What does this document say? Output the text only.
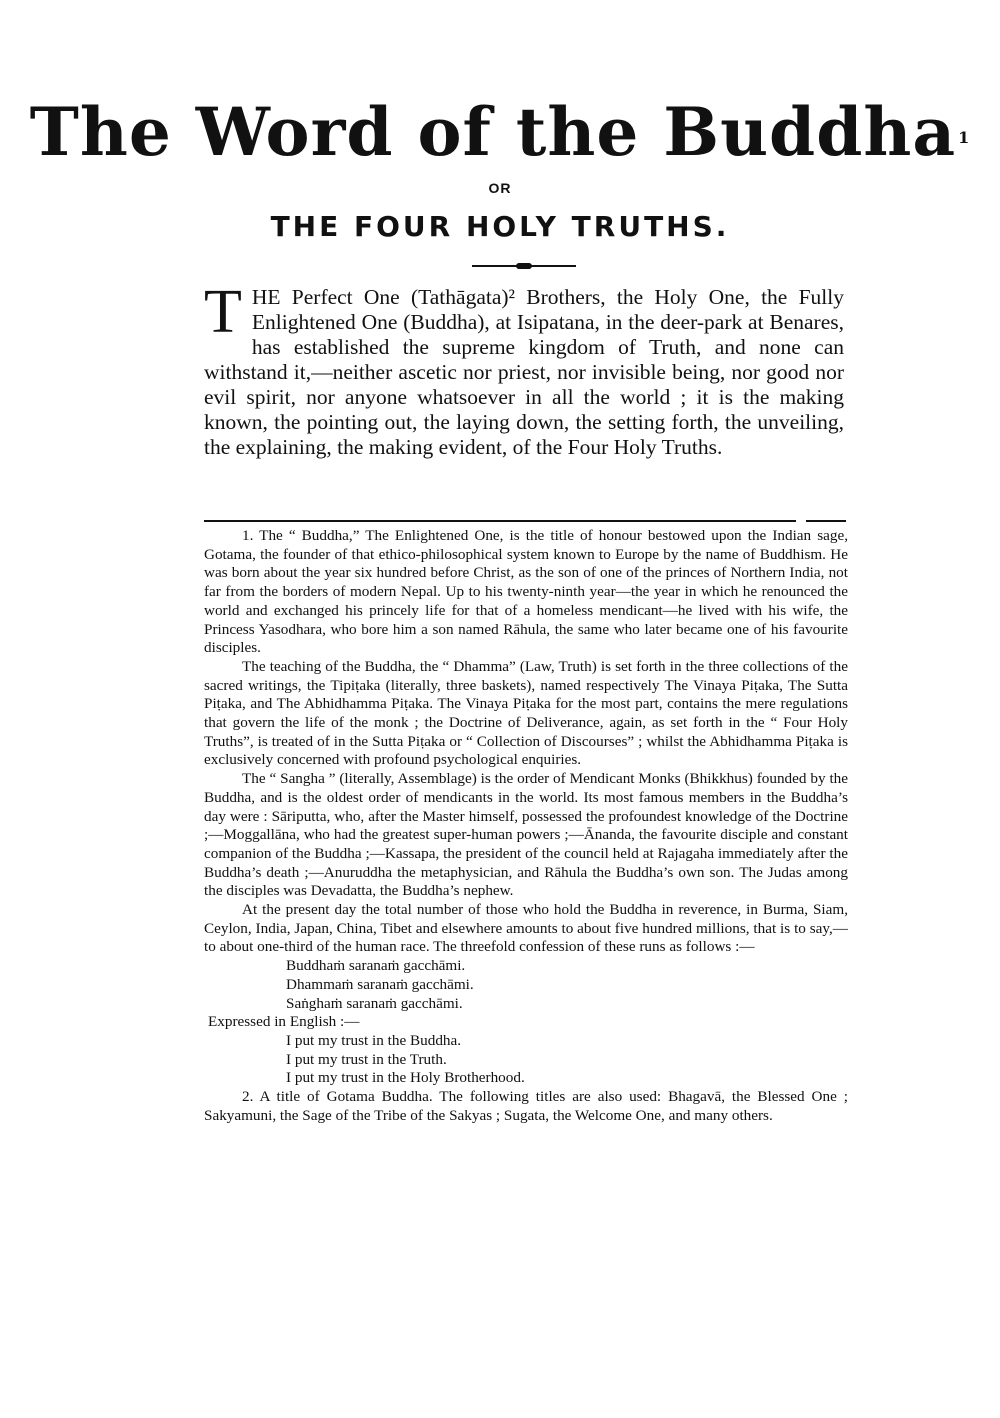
The Word of the Buddha $^1$
OR
THE FOUR HOLY TRUTHS.

THE Perfect One (Tathāgata)² Brothers, the Holy One, the Fully Enlightened One (Buddha), at Isipatana, in the deer-park at Benares, has established the supreme kingdom of Truth, and none can withstand it,—neither ascetic nor priest, nor invisible being, nor good nor evil spirit, nor anyone whatsoever in all the world ; it is the making known, the pointing out, the laying down, the setting forth, the unveiling, the explaining, the making evident, of the Four Holy Truths.

1. The “ Buddha,” The Enlightened One, is the title of honour bestowed upon the Indian sage, Gotama, the founder of that ethico-philosophical system known to Europe by the name of Buddhism. He was born about the year six hundred before Christ, as the son of one of the princes of Northern India, not far from the borders of modern Nepal. Up to his twenty-ninth year—the year in which he renounced the world and exchanged his princely life for that of a homeless mendicant—he lived with his wife, the Princess Yasodhara, who bore him a son named Rāhula, the same who later became one of his favourite disciples.

The teaching of the Buddha, the “ Dhamma” (Law, Truth) is set forth in the three collections of the sacred writings, the Tipiṭaka (literally, three baskets), named respectively The Vinaya Piṭaka, The Sutta Piṭaka, and The Abhidhamma Piṭaka. The Vinaya Piṭaka for the most part, contains the mere regulations that govern the life of the monk ; the Doctrine of Deliverance, again, as set forth in the “ Four Holy Truths”, is treated of in the Sutta Piṭaka or “ Collection of Discourses” ; whilst the Abhidhamma Piṭaka is exclusively concerned with profound psychological enquiries.

The “ Sangha ” (literally, Assemblage) is the order of Mendicant Monks (Bhikkhus) founded by the Buddha, and is the oldest order of mendicants in the world. Its most famous members in the Buddha’s day were : Sāriputta, who, after the Master himself, possessed the profoundest knowledge of the Doctrine ;—Moggallāna, who had the greatest super-human powers ;—Ānanda, the favourite disciple and constant companion of the Buddha ;—Kassapa, the president of the council held at Rajagaha immediately after the Buddha’s death ;—Anuruddha the metaphysician, and Rāhula the Buddha’s own son. The Judas among the disciples was Devadatta, the Buddha’s nephew.

At the present day the total number of those who hold the Buddha in reverence, in Burma, Siam, Ceylon, India, Japan, China, Tibet and elsewhere amounts to about five hundred millions, that is to say,—to about one-third of the human race. The threefold confession of these runs as follows :—

Buddhaṁ saranaṁ gacchāmi.

Dhammaṁ saranaṁ gacchāmi.

Saṅghaṁ saranaṁ gacchāmi.

Expressed in English :—

I put my trust in the Buddha.

I put my trust in the Truth.

I put my trust in the Holy Brotherhood.

2. A title of Gotama Buddha. The following titles are also used: Bhagavā, the Blessed One ; Sakyamuni, the Sage of the Tribe of the Sakyas ; Sugata, the Welcome One, and many others.
